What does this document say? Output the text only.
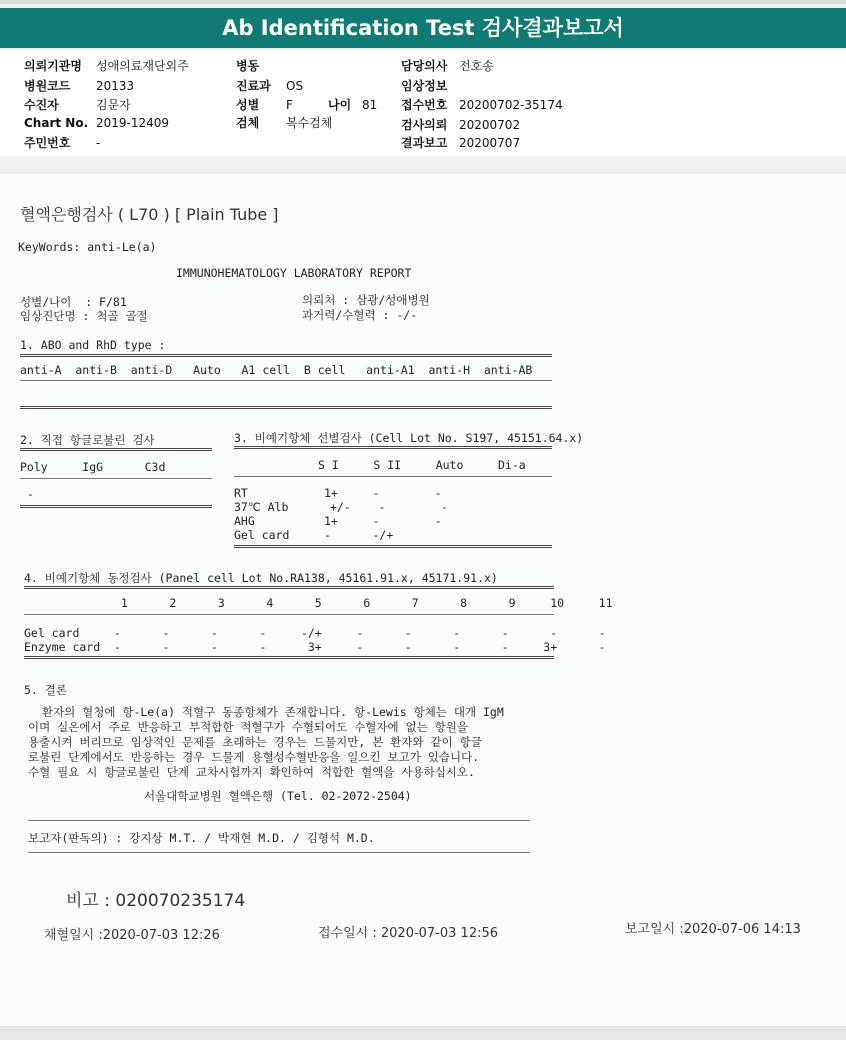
Ab Identification Test 검사결과보고서
의뢰기관명 성애의료재단외주
병원코드 20133
수진자	김문자
Chart No. 2019-12409
주민번호 -
병동
진료과 OS
성별 F	나이 81
검체 복수검체
담당의사 전호송
임상정보
접수번호 20200702-35174
검사의뢰 20200702
결과보고 20200707
혈액은행검사 ( L70 ) [ Plain Tube ]
KeyWords: anti-Le(a)
IMMUNOHEMATOLOGY LABORATORY REPORT
성별/나이  : F/81	의뢰처 : 삼광/성애병원
임상진단명 : 척골 골절	과거력/수혈력 : -/-
1. ABO and RhD type :
anti-A  anti-B  anti-D   Auto   A1 cell  B cell   anti-A1  anti-H  anti-AB
2. 직접 항글로불린 검사
Poly     IgG      C3d
-
3. 비예기항체 선별검사 (Cell Lot No. S197, 45151.64.x)
S I     S II     Auto     Di-a
RT           1+     -        -
37℃ Alb      +/-    -        -
AHG          1+     -        -
Gel card     -      -/+
4. 비예기항체 동정검사 (Panel cell Lot No.RA138, 45161.91.x, 45171.91.x)
1      2      3      4      5      6      7      8      9     10     11
Gel card     -      -      -      -     -/+     -      -      -      -      -      -
Enzyme card  -      -      -      -      3+     -      -      -      -     3+      -
5. 결론
환자의 혈청에 항-Le(a) 적혈구 동종항체가 존재합니다. 항-Lewis 항체는 대개 IgM
이며 실온에서 주로 반응하고 부적합한 적혈구가 수혈되어도 수혈자에 없는 항원을
용출시켜 버리므로 임상적인 문제를 초래하는 경우는 드물지만, 본 환자와 같이 항글
로불린 단계에서도 반응하는 경우 드물게 용혈성수혈반응을 일으킨 보고가 있습니다.
수혈 필요 시 항글로불린 단계 교차시험까지 확인하여 적합한 혈액을 사용하십시오.
서울대학교병원 혈액은행 (Tel. 02-2072-2504)
보고자(판독의) : 강지상 M.T. / 박재현 M.D. / 김형석 M.D.
비고 : 020070235174
채혈일시 :2020-07-03 12:26	접수일시 : 2020-07-03 12:56	보고일시 :2020-07-06 14:13
